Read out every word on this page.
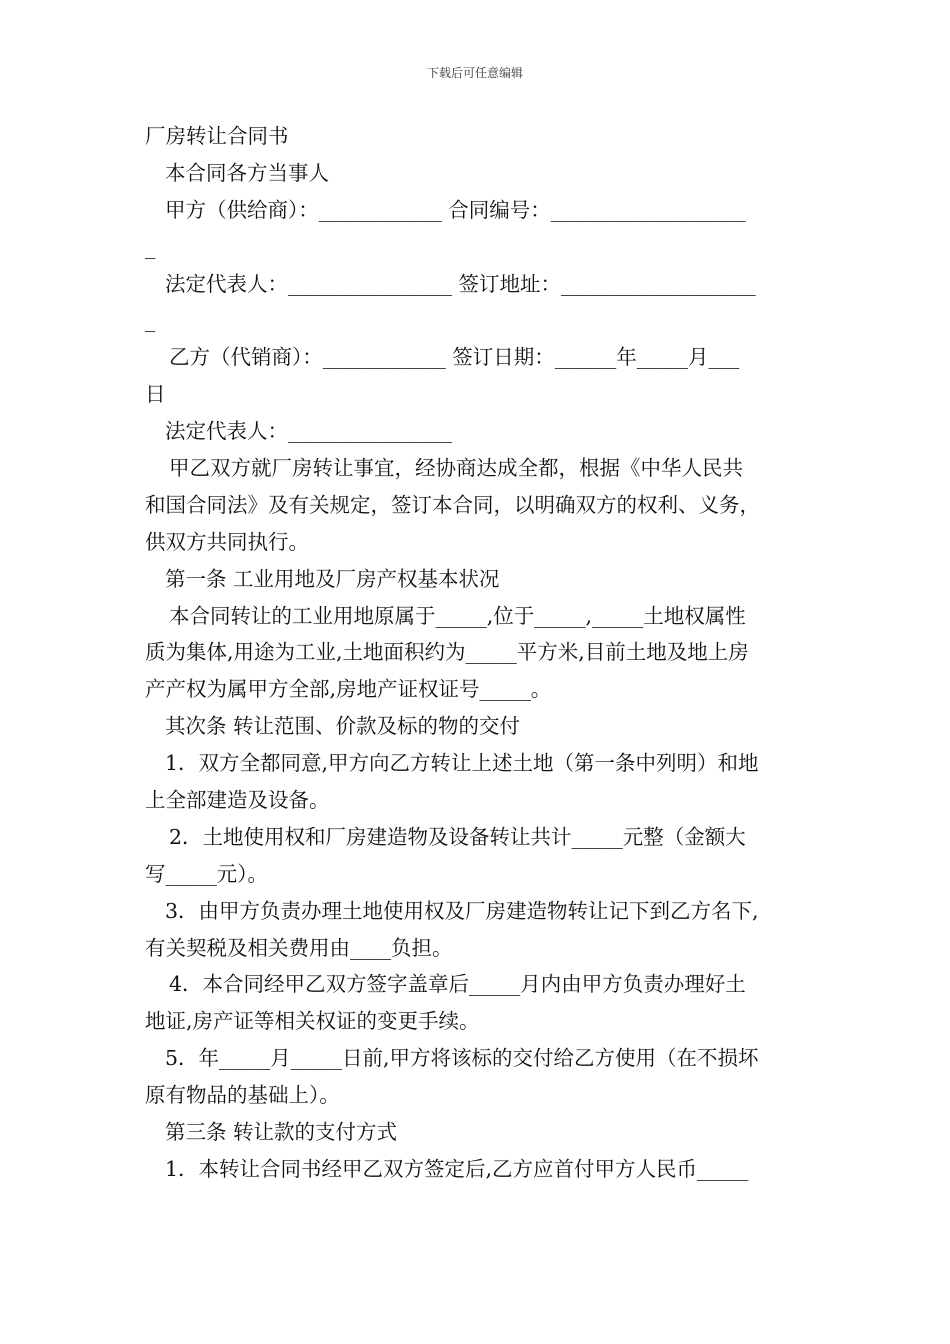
下载后可任意编辑
厂房转让合同书
本合同各方当事人
甲方（供给商）：____________ 合同编号：___________________
_
法定代表人：________________ 签订地址：___________________
_
乙方（代销商）：____________ 签订日期：______年_____月___
日
法定代表人：________________
甲乙双方就厂房转让事宜，经协商达成全都，根据《中华人民共
和国合同法》及有关规定，签订本合同，以明确双方的权利、义务，
供双方共同执行。
第一条 工业用地及厂房产权基本状况
本合同转让的工业用地原属于_____,位于_____,_____土地权属性
质为集体,用途为工业,土地面积约为_____平方米,目前土地及地上房
产产权为属甲方全部,房地产证权证号_____。
其次条 转让范围、价款及标的物的交付
1．双方全都同意,甲方向乙方转让上述土地（第一条中列明）和地
上全部建造及设备。
2．土地使用权和厂房建造物及设备转让共计_____元整（金额大
写_____元）。
3．由甲方负责办理土地使用权及厂房建造物转让记下到乙方名下,
有关契税及相关费用由____负担。
4．本合同经甲乙双方签字盖章后_____月内由甲方负责办理好土
地证,房产证等相关权证的变更手续。
5．年_____月_____日前,甲方将该标的交付给乙方使用（在不损坏
原有物品的基础上）。
第三条 转让款的支付方式
1．本转让合同书经甲乙双方签定后,乙方应首付甲方人民币_____
